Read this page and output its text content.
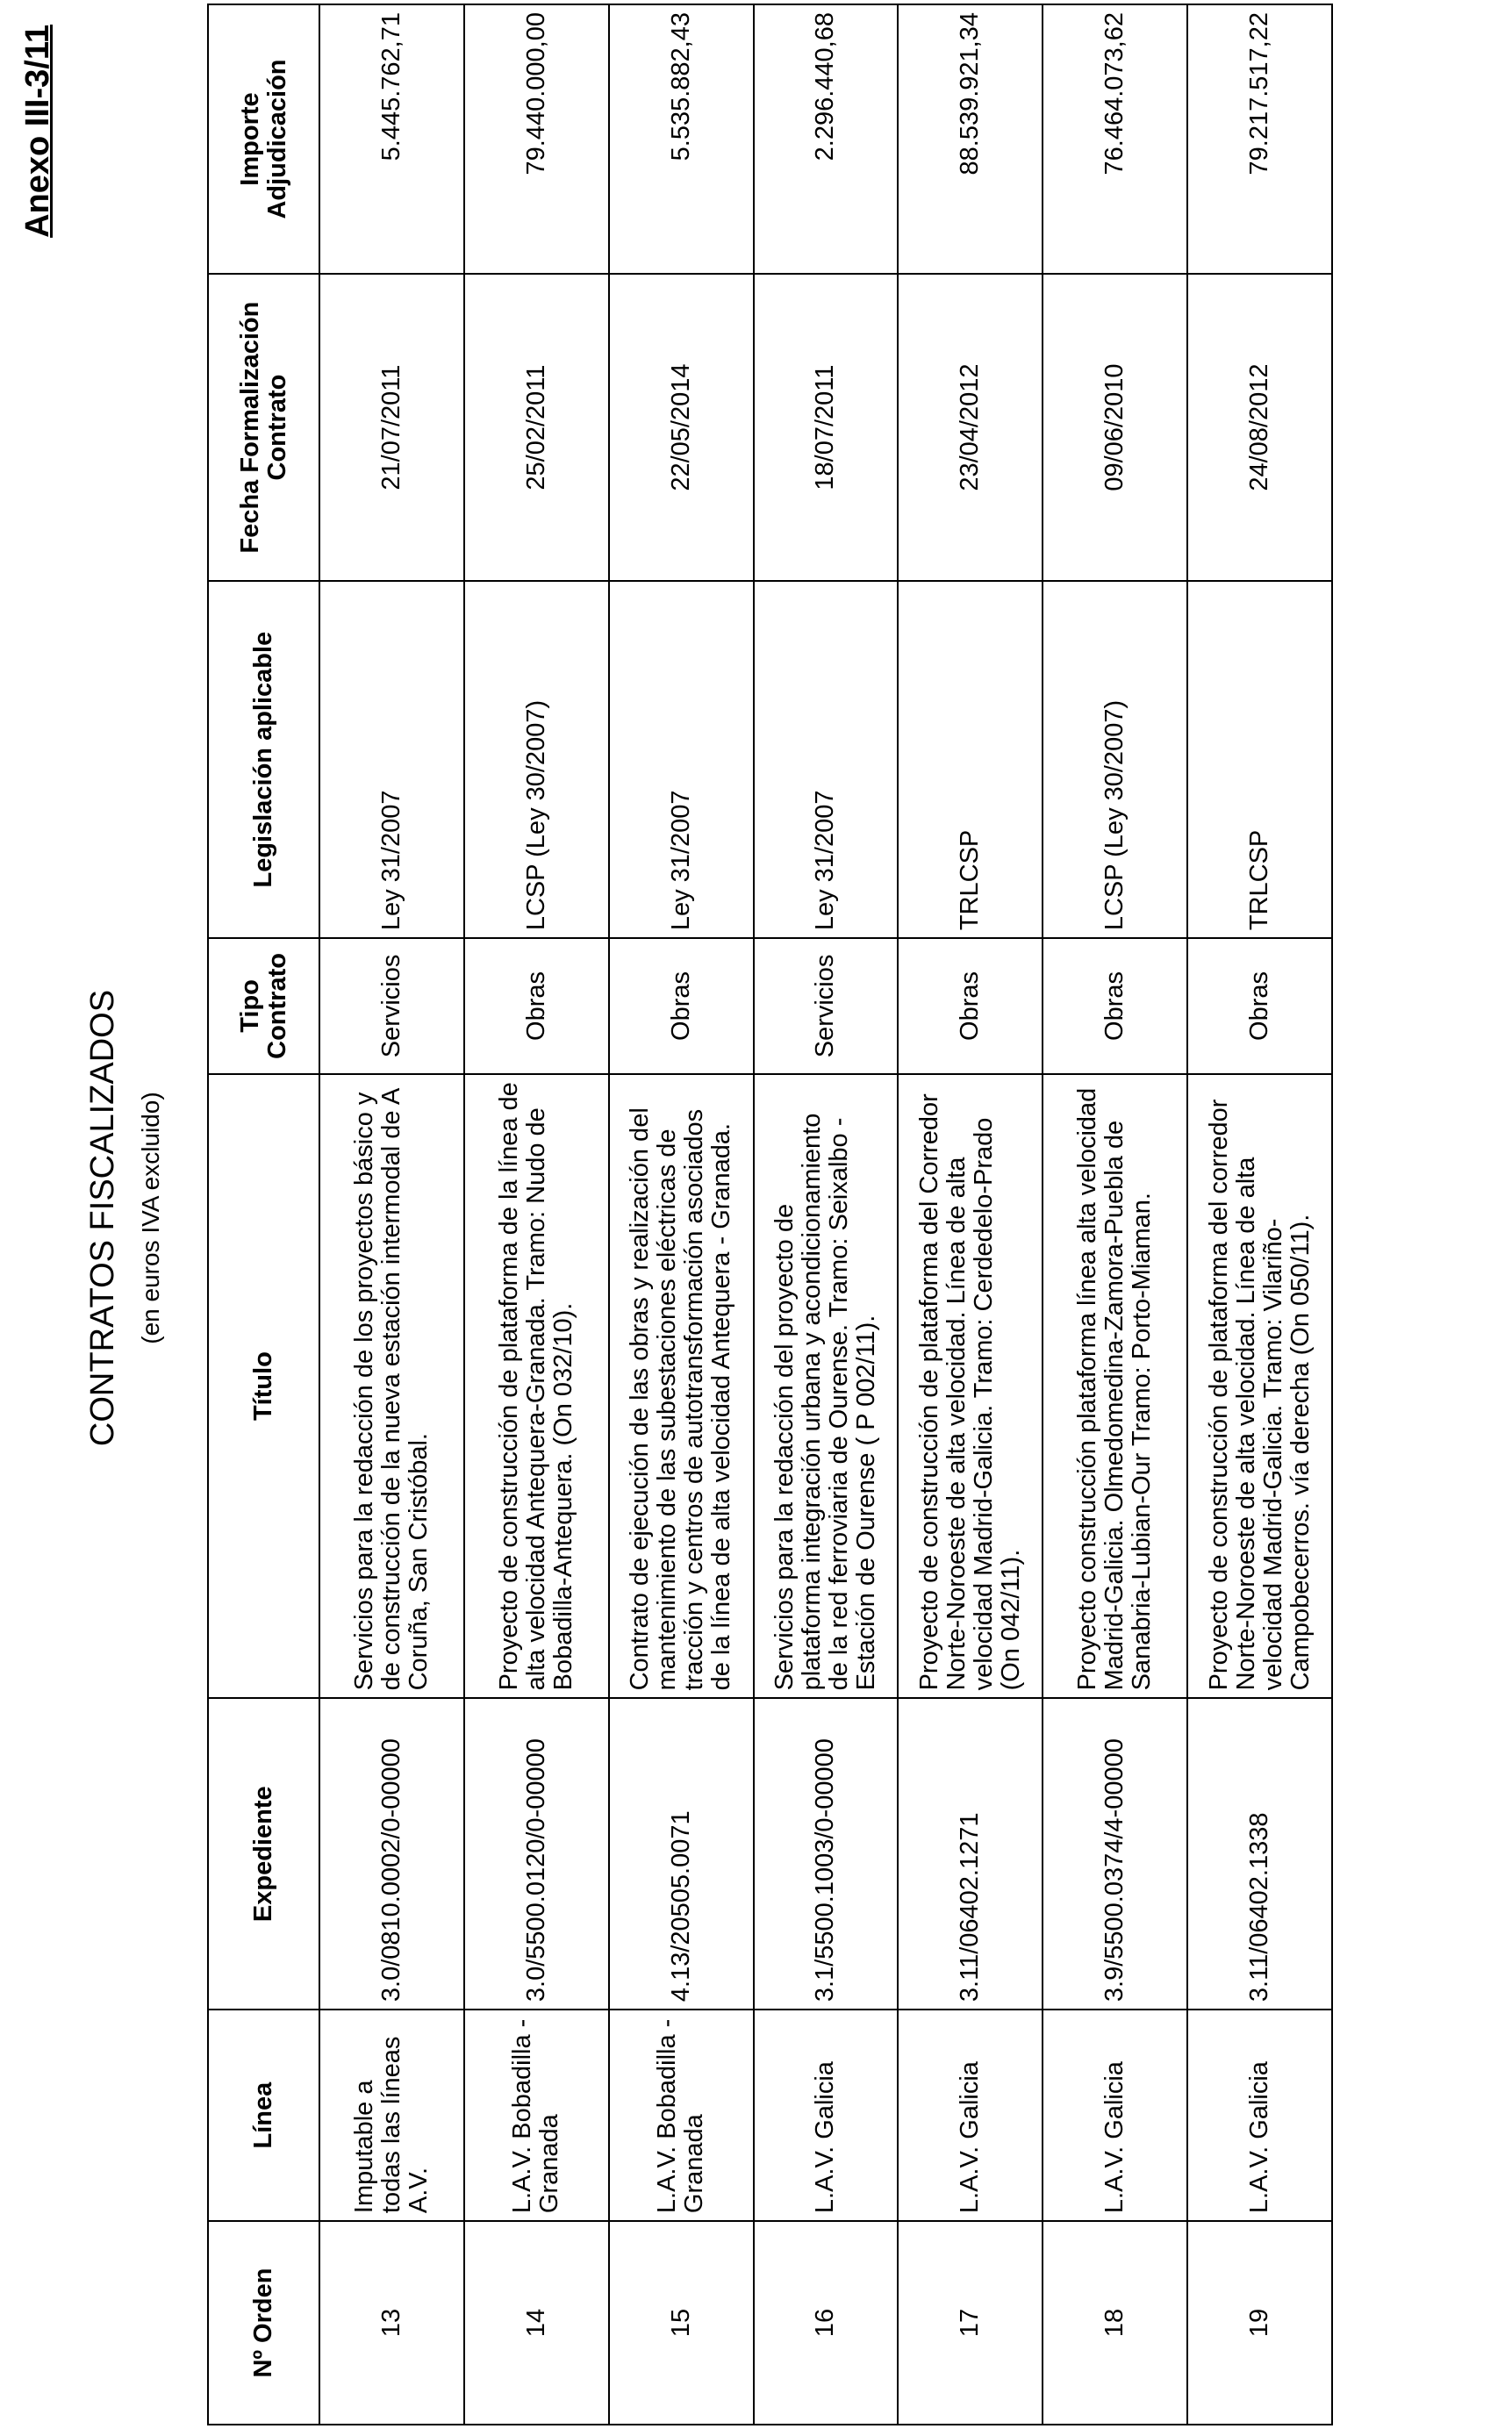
Anexo III-3/11
CONTRATOS FISCALIZADOS (en euros IVA excluido)
Nº Orden	Línea	Expediente	Título	Tipo Contrato	Legislación aplicable	Fecha Formalización Contrato	Importe Adjudicación
13	Imputable a todas las líneas A.V.	3.0/0810.0002/0-00000	Servicios para la redacción de los proyectos básico y de construcción de la nueva estación intermodal de A Coruña, San Cristóbal.	Servicios	Ley 31/2007	21/07/2011	5.445.762,71
14	L.A.V. Bobadilla - Granada	3.0/5500.0120/0-00000	Proyecto de construcción de plataforma de la línea de alta velocidad Antequera-Granada. Tramo: Nudo de Bobadilla-Antequera. (On 032/10).	Obras	LCSP (Ley 30/2007)	25/02/2011	79.440.000,00
15	L.A.V. Bobadilla - Granada	4.13/20505.0071	Contrato de ejecución de las obras y realización del mantenimiento de las subestaciones eléctricas de tracción y centros de autotransformación asociados de la línea de alta velocidad Antequera - Granada.	Obras	Ley 31/2007	22/05/2014	5.535.882,43
16	L.A.V. Galicia	3.1/5500.1003/0-00000	Servicios para la redacción del proyecto de plataforma integración urbana y acondicionamiento de la red ferroviaria de Ourense. Tramo: Seixalbo - Estación de Ourense ( P 002/11).	Servicios	Ley 31/2007	18/07/2011	2.296.440,68
17	L.A.V. Galicia	3.11/06402.1271	Proyecto de construcción de plataforma del Corredor Norte-Noroeste de alta velocidad. Línea de alta velocidad Madrid-Galicia. Tramo: Cerdedelo-Prado (On 042/11).	Obras	TRLCSP	23/04/2012	88.539.921,34
18	L.A.V. Galicia	3.9/5500.0374/4-00000	Proyecto construcción plataforma línea alta velocidad Madrid-Galicia. Olmedomedina-Zamora-Puebla de Sanabria-Lubian-Our Tramo: Porto-Miaman.	Obras	LCSP (Ley 30/2007)	09/06/2010	76.464.073,62
19	L.A.V. Galicia	3.11/06402.1338	Proyecto de construcción de plataforma del corredor Norte-Noroeste de alta velocidad. Línea de alta velocidad Madrid-Galicia. Tramo: Vilariño-Campobecerros. vía derecha (On 050/11).	Obras	TRLCSP	24/08/2012	79.217.517,22
